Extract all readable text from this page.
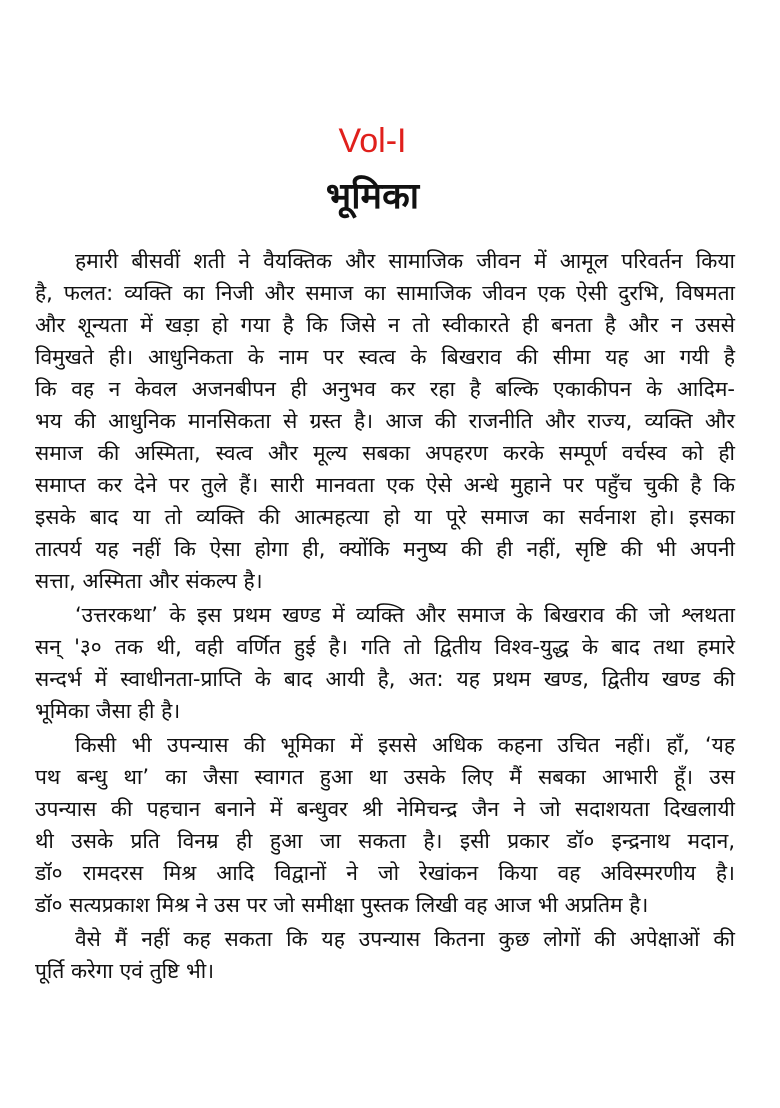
Vol-I
भूमिका
हमारी बीसवीं शती ने वैयक्तिक और सामाजिक जीवन में आमूल परिवर्तन किया
है, फलत: व्यक्ति का निजी और समाज का सामाजिक जीवन एक ऐसी दुरभि, विषमता
और शून्यता में खड़ा हो गया है कि जिसे न तो स्वीकारते ही बनता है और न उससे
विमुखते ही। आधुनिकता के नाम पर स्वत्व के बिखराव की सीमा यह आ गयी है
कि वह न केवल अजनबीपन ही अनुभव कर रहा है बल्कि एकाकीपन के आदिम-
भय की आधुनिक मानसिकता से ग्रस्त है। आज की राजनीति और राज्य, व्यक्ति और
समाज की अस्मिता, स्वत्व और मूल्य सबका अपहरण करके सम्पूर्ण वर्चस्व को ही
समाप्त कर देने पर तुले हैं। सारी मानवता एक ऐसे अन्धे मुहाने पर पहुँच चुकी है कि
इसके बाद या तो व्यक्ति की आत्महत्या हो या पूरे समाज का सर्वनाश हो। इसका
तात्पर्य यह नहीं कि ऐसा होगा ही, क्योंकि मनुष्य की ही नहीं, सृष्टि की भी अपनी
सत्ता, अस्मिता और संकल्प है।
‘उत्तरकथा’ के इस प्रथम खण्ड में व्यक्ति और समाज के बिखराव की जो श्लथता
सन् '३० तक थी, वही वर्णित हुई है। गति तो द्वितीय विश्व-युद्ध के बाद तथा हमारे
सन्दर्भ में स्वाधीनता-प्राप्ति के बाद आयी है, अत: यह प्रथम खण्ड, द्वितीय खण्ड की
भूमिका जैसा ही है।
किसी भी उपन्यास की भूमिका में इससे अधिक कहना उचित नहीं। हाँ, ‘यह
पथ बन्धु था’ का जैसा स्वागत हुआ था उसके लिए मैं सबका आभारी हूँ। उस
उपन्यास की पहचान बनाने में बन्धुवर श्री नेमिचन्द्र जैन ने जो सदाशयता दिखलायी
थी उसके प्रति विनम्र ही हुआ जा सकता है। इसी प्रकार डॉ० इन्द्रनाथ मदान,
डॉ० रामदरस मिश्र आदि विद्वानों ने जो रेखांकन किया वह अविस्मरणीय है।
डॉ० सत्यप्रकाश मिश्र ने उस पर जो समीक्षा पुस्तक लिखी वह आज भी अप्रतिम है।
वैसे मैं नहीं कह सकता कि यह उपन्यास कितना कुछ लोगों की अपेक्षाओं की
पूर्ति करेगा एवं तुष्टि भी।
